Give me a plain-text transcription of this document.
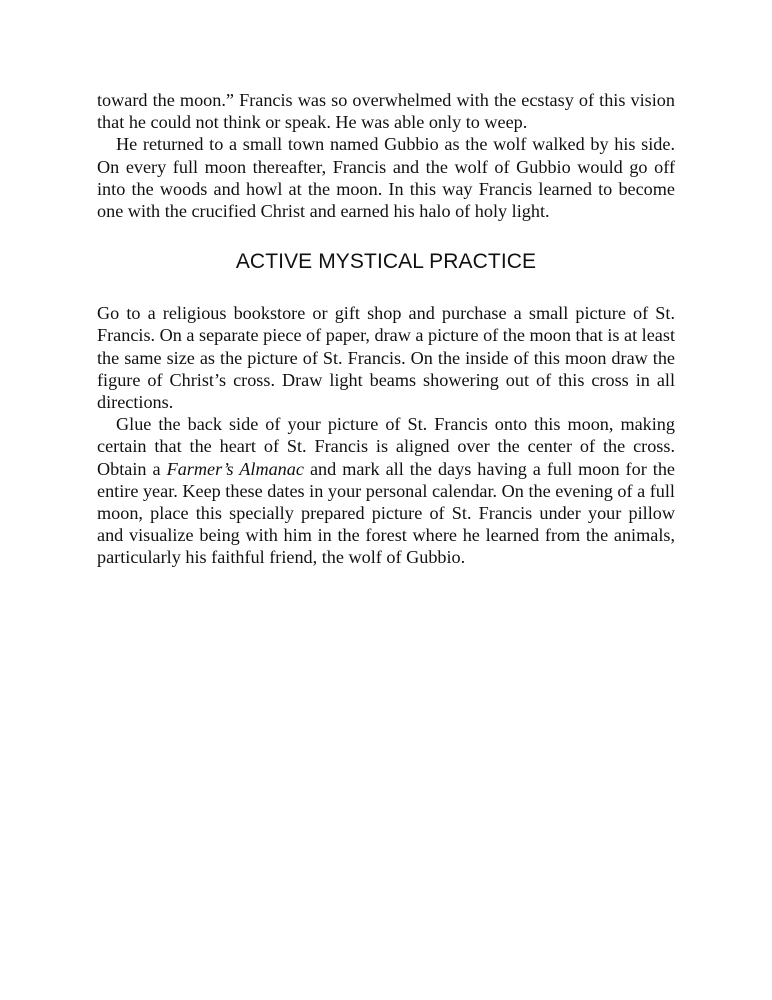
toward the moon.” Francis was so overwhelmed with the ecstasy of this vision that he could not think or speak. He was able only to weep.

He returned to a small town named Gubbio as the wolf walked by his side. On every full moon thereafter, Francis and the wolf of Gubbio would go off into the woods and howl at the moon. In this way Francis learned to become one with the crucified Christ and earned his halo of holy light.

ACTIVE MYSTICAL PRACTICE

Go to a religious bookstore or gift shop and purchase a small picture of St. Francis. On a separate piece of paper, draw a picture of the moon that is at least the same size as the picture of St. Francis. On the inside of this moon draw the figure of Christ’s cross. Draw light beams showering out of this cross in all directions.

Glue the back side of your picture of St. Francis onto this moon, making certain that the heart of St. Francis is aligned over the center of the cross. Obtain a Farmer’s Almanac and mark all the days having a full moon for the entire year. Keep these dates in your personal calendar. On the evening of a full moon, place this specially prepared picture of St. Francis under your pillow and visualize being with him in the forest where he learned from the animals, particularly his faithful friend, the wolf of Gubbio.
